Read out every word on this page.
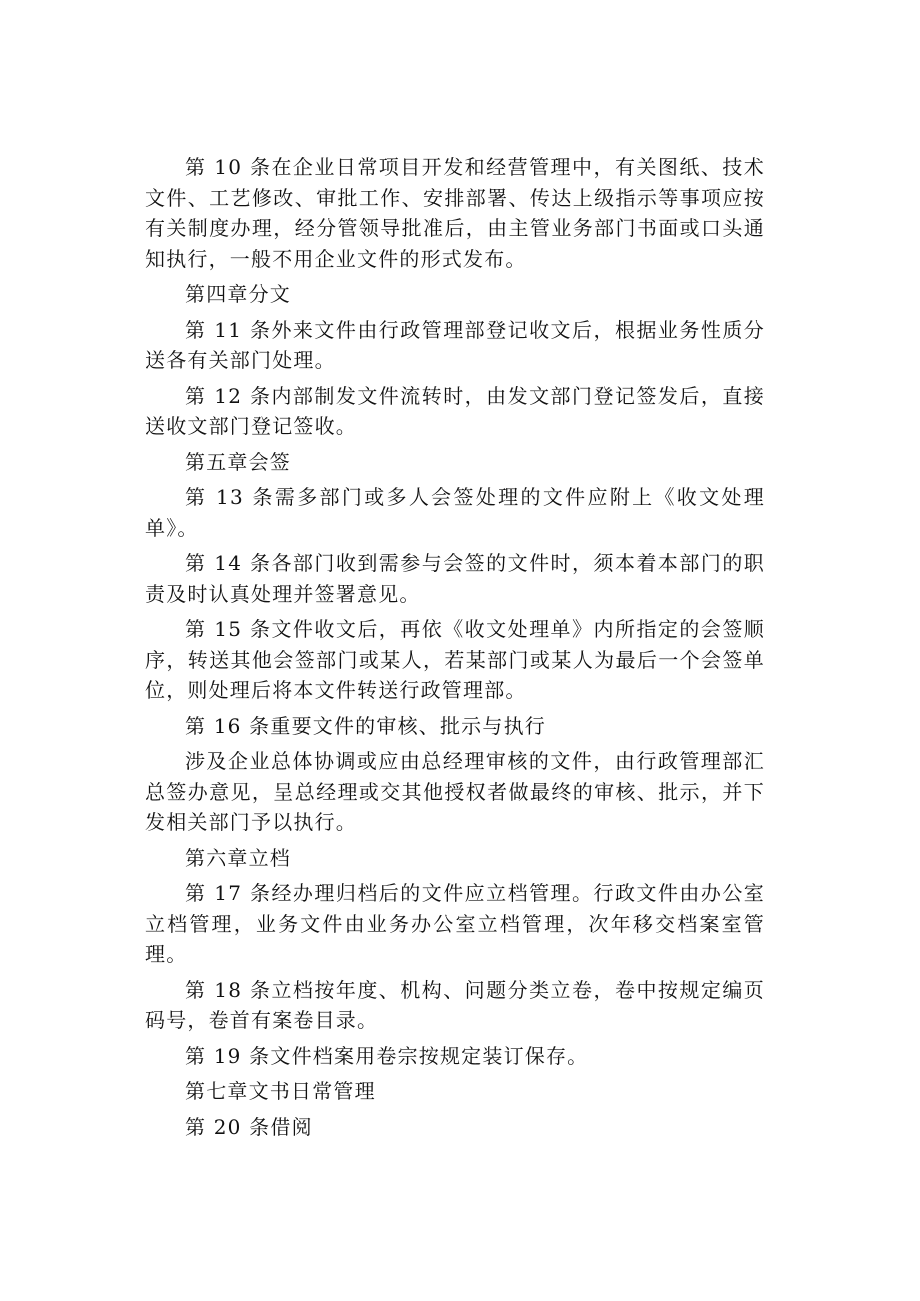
第 10 条在企业日常项目开发和经营管理中，有关图纸、技术文件、工艺修改、审批工作、安排部署、传达上级指示等事项应按有关制度办理，经分管领导批准后，由主管业务部门书面或口头通知执行，一般不用企业文件的形式发布。

第四章分文

第 11 条外来文件由行政管理部登记收文后，根据业务性质分送各有关部门处理。

第 12 条内部制发文件流转时，由发文部门登记签发后，直接送收文部门登记签收。

第五章会签

第 13 条需多部门或多人会签处理的文件应附上《收文处理单》。

第 14 条各部门收到需参与会签的文件时，须本着本部门的职责及时认真处理并签署意见。

第 15 条文件收文后，再依《收文处理单》内所指定的会签顺序，转送其他会签部门或某人，若某部门或某人为最后一个会签单位，则处理后将本文件转送行政管理部。

第 16 条重要文件的审核、批示与执行

涉及企业总体协调或应由总经理审核的文件，由行政管理部汇总签办意见，呈总经理或交其他授权者做最终的审核、批示，并下发相关部门予以执行。

第六章立档

第 17 条经办理归档后的文件应立档管理。行政文件由办公室立档管理，业务文件由业务办公室立档管理，次年移交档案室管理。

第 18 条立档按年度、机构、问题分类立卷，卷中按规定编页码号，卷首有案卷目录。

第 19 条文件档案用卷宗按规定装订保存。

第七章文书日常管理

第 20 条借阅
